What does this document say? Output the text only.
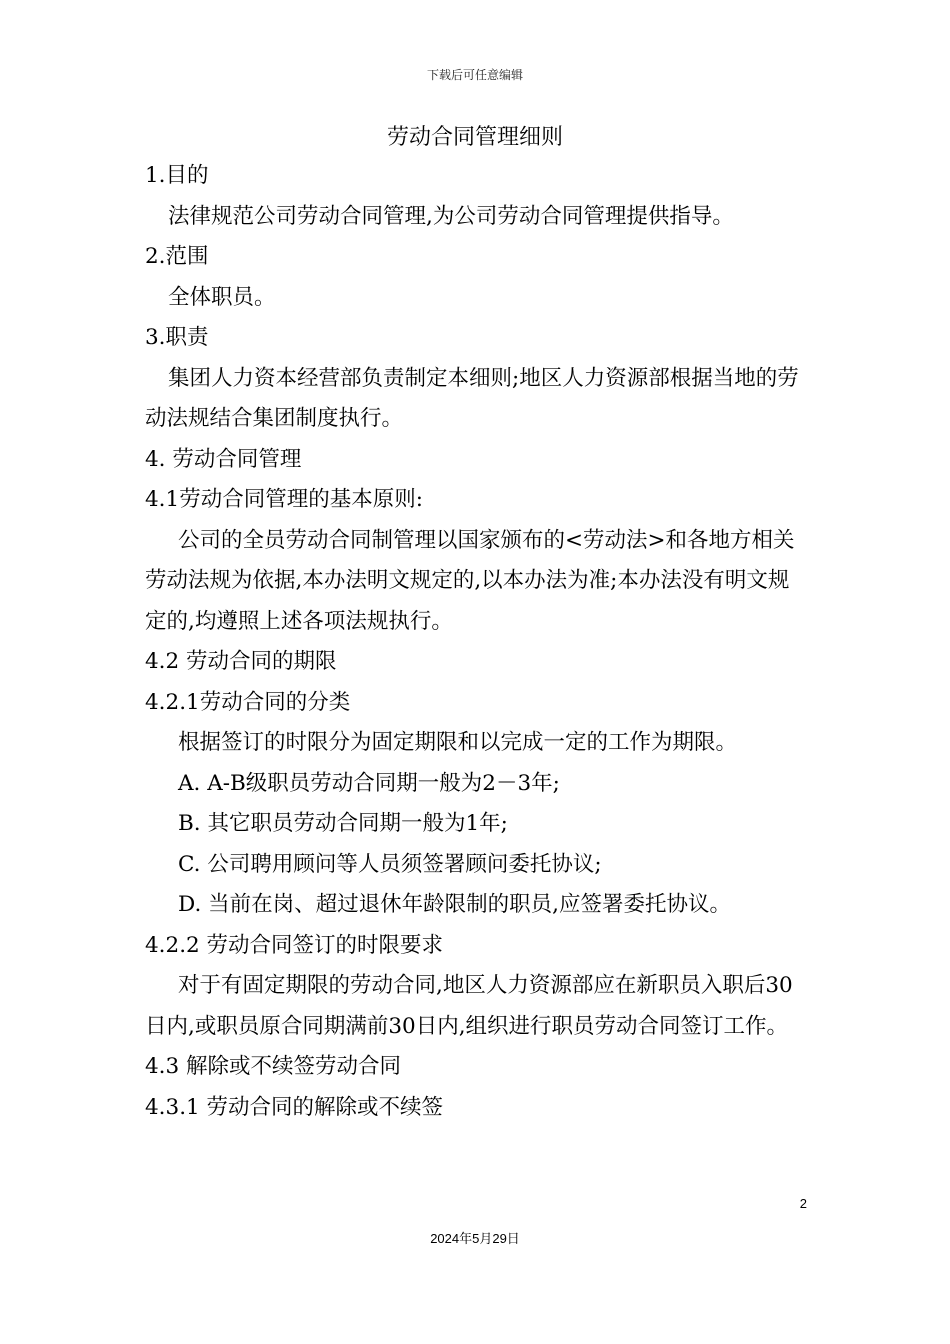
下载后可任意编辑
劳动合同管理细则

1.目的

法律规范公司劳动合同管理,为公司劳动合同管理提供指导。

2.范围

全体职员。

3.职责

集团人力资本经营部负责制定本细则;地区人力资源部根据当地的劳动法规结合集团制度执行。

4. 劳动合同管理

4.1劳动合同管理的基本原则:

公司的全员劳动合同制管理以国家颁布的<劳动法>和各地方相关劳动法规为依据,本办法明文规定的,以本办法为准;本办法没有明文规定的,均遵照上述各项法规执行。

4.2 劳动合同的期限

4.2.1劳动合同的分类

根据签订的时限分为固定期限和以完成一定的工作为期限。

A. A-B级职员劳动合同期一般为2－3年;

B. 其它职员劳动合同期一般为1年;

C. 公司聘用顾问等人员须签署顾问委托协议;

D. 当前在岗、超过退休年龄限制的职员,应签署委托协议。

4.2.2 劳动合同签订的时限要求

对于有固定期限的劳动合同,地区人力资源部应在新职员入职后30日内,或职员原合同期满前30日内,组织进行职员劳动合同签订工作。

4.3 解除或不续签劳动合同

4.3.1 劳动合同的解除或不续签

2
2024年5月29日
